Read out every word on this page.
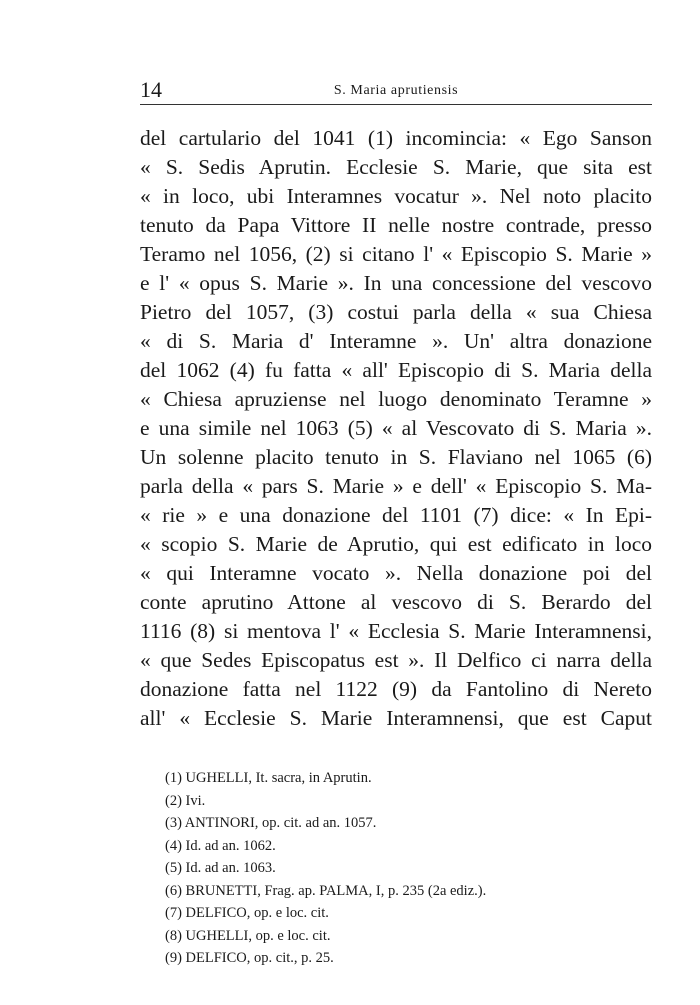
14	S. Maria aprutiensis
del cartulario del 1041 (1) incomincia: « Ego Sanson
« S. Sedis Aprutin. Ecclesie S. Marie, que sita est
« in loco, ubi Interamnes vocatur ». Nel noto placito
tenuto da Papa Vittore II nelle nostre contrade, presso
Teramo nel 1056, (2) si citano l' « Episcopio S. Marie »
e l' « opus S. Marie ». In una concessione del vescovo
Pietro del 1057, (3) costui parla della « sua Chiesa
« di S. Maria d' Interamne ». Un' altra donazione
del 1062 (4) fu fatta « all' Episcopio di S. Maria della
« Chiesa apruziense nel luogo denominato Teramne »
e una simile nel 1063 (5) « al Vescovato di S. Maria ».
Un solenne placito tenuto in S. Flaviano nel 1065 (6)
parla della « pars S. Marie » e dell' « Episcopio S. Ma-
« rie » e una donazione del 1101 (7) dice: « In Epi-
« scopio S. Marie de Aprutio, qui est edificato in loco
« qui Interamne vocato ». Nella donazione poi del
conte aprutino Attone al vescovo di S. Berardo del
1116 (8) si mentova l' « Ecclesia S. Marie Interamnensi,
« que Sedes Episcopatus est ». Il Delfico ci narra della
donazione fatta nel 1122 (9) da Fantolino di Nereto
all' « Ecclesie S. Marie Interamnensi, que est Caput
(1) UGHELLI, It. sacra, in Aprutin.
(2) Ivi.
(3) ANTINORI, op. cit. ad an. 1057.
(4) Id. ad an. 1062.
(5) Id. ad an. 1063.
(6) BRUNETTI, Frag. ap. PALMA, I, p. 235 (2a ediz.).
(7) DELFICO, op. e loc. cit.
(8) UGHELLI, op. e loc. cit.
(9) DELFICO, op. cit., p. 25.
